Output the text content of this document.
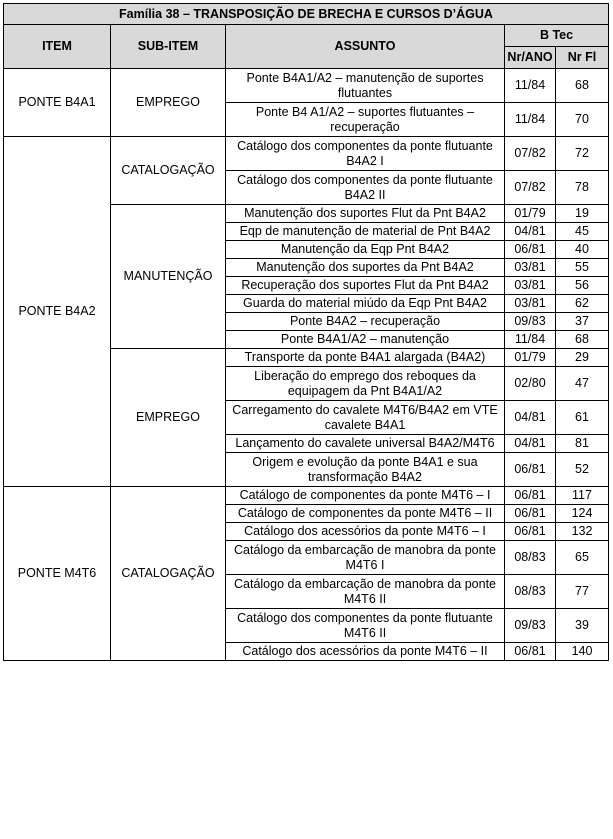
Família 38 – TRANSPOSIÇÃO DE BRECHA E CURSOS D’ÁGUA				
ITEM	SUB-ITEM	ASSUNTO	B Tec	
			Nr/ANO	Nr Fl
PONTE B4A1	EMPREGO	Ponte B4A1/A2 – manutenção de suportes flutuantes	11/84	68
		Ponte B4 A1/A2 – suportes flutuantes – recuperação	11/84	70
PONTE B4A2	CATALOGAÇÃO	Catálogo dos componentes da ponte flutuante B4A2 I	07/82	72
		Catálogo dos componentes da ponte flutuante B4A2 II	07/82	78
	MANUTENÇÃO	Manutenção dos suportes Flut da Pnt B4A2	01/79	19
		Eqp de manutenção de material de Pnt B4A2	04/81	45
		Manutenção da Eqp Pnt B4A2	06/81	40
		Manutenção dos suportes da Pnt B4A2	03/81	55
		Recuperação dos suportes Flut da Pnt B4A2	03/81	56
		Guarda do material miúdo da Eqp Pnt B4A2	03/81	62
		Ponte B4A2 – recuperação	09/83	37
		Ponte B4A1/A2 – manutenção	11/84	68
	EMPREGO	Transporte da ponte B4A1 alargada (B4A2)	01/79	29
		Liberação do emprego dos reboques da equipagem da Pnt B4A1/A2	02/80	47
		Carregamento do cavalete M4T6/B4A2 em VTE cavalete B4A1	04/81	61
		Lançamento do cavalete universal B4A2/M4T6	04/81	81
		Origem e evolução da ponte B4A1 e sua transformação B4A2	06/81	52
PONTE M4T6	CATALOGAÇÃO	Catálogo de componentes da ponte M4T6 – I	06/81	117
		Catálogo de componentes da ponte M4T6 – II	06/81	124
		Catálogo dos acessórios da ponte M4T6 – I	06/81	132
		Catálogo da embarcação de manobra da ponte M4T6 I	08/83	65
		Catálogo da embarcação de manobra da ponte M4T6 II	08/83	77
		Catálogo dos componentes da ponte flutuante M4T6 II	09/83	39
		Catálogo dos acessórios da ponte M4T6 – II	06/81	140
